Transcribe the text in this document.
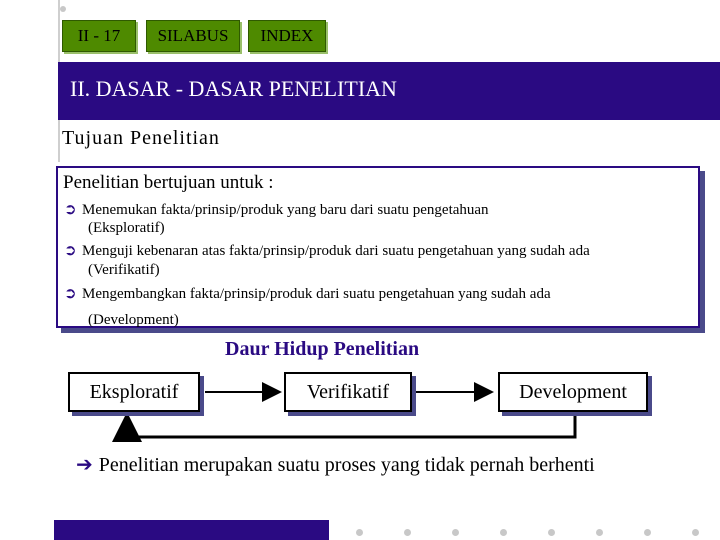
II - 17	SILABUS	INDEX
II. DASAR - DASAR PENELITIAN
Tujuan Penelitian
Penelitian bertujuan untuk :
➲ Menemukan fakta/prinsip/produk yang baru dari suatu pengetahuan
(Eksploratif)
➲ Menguji kebenaran atas fakta/prinsip/produk dari suatu pengetahuan yang sudah ada
(Verifikatif)
➲ Mengembangkan fakta/prinsip/produk dari suatu pengetahuan yang sudah ada
(Development)
Daur Hidup Penelitian
Eksploratif	Verifikatif	Development
➔ Penelitian merupakan suatu proses yang tidak pernah berhenti
